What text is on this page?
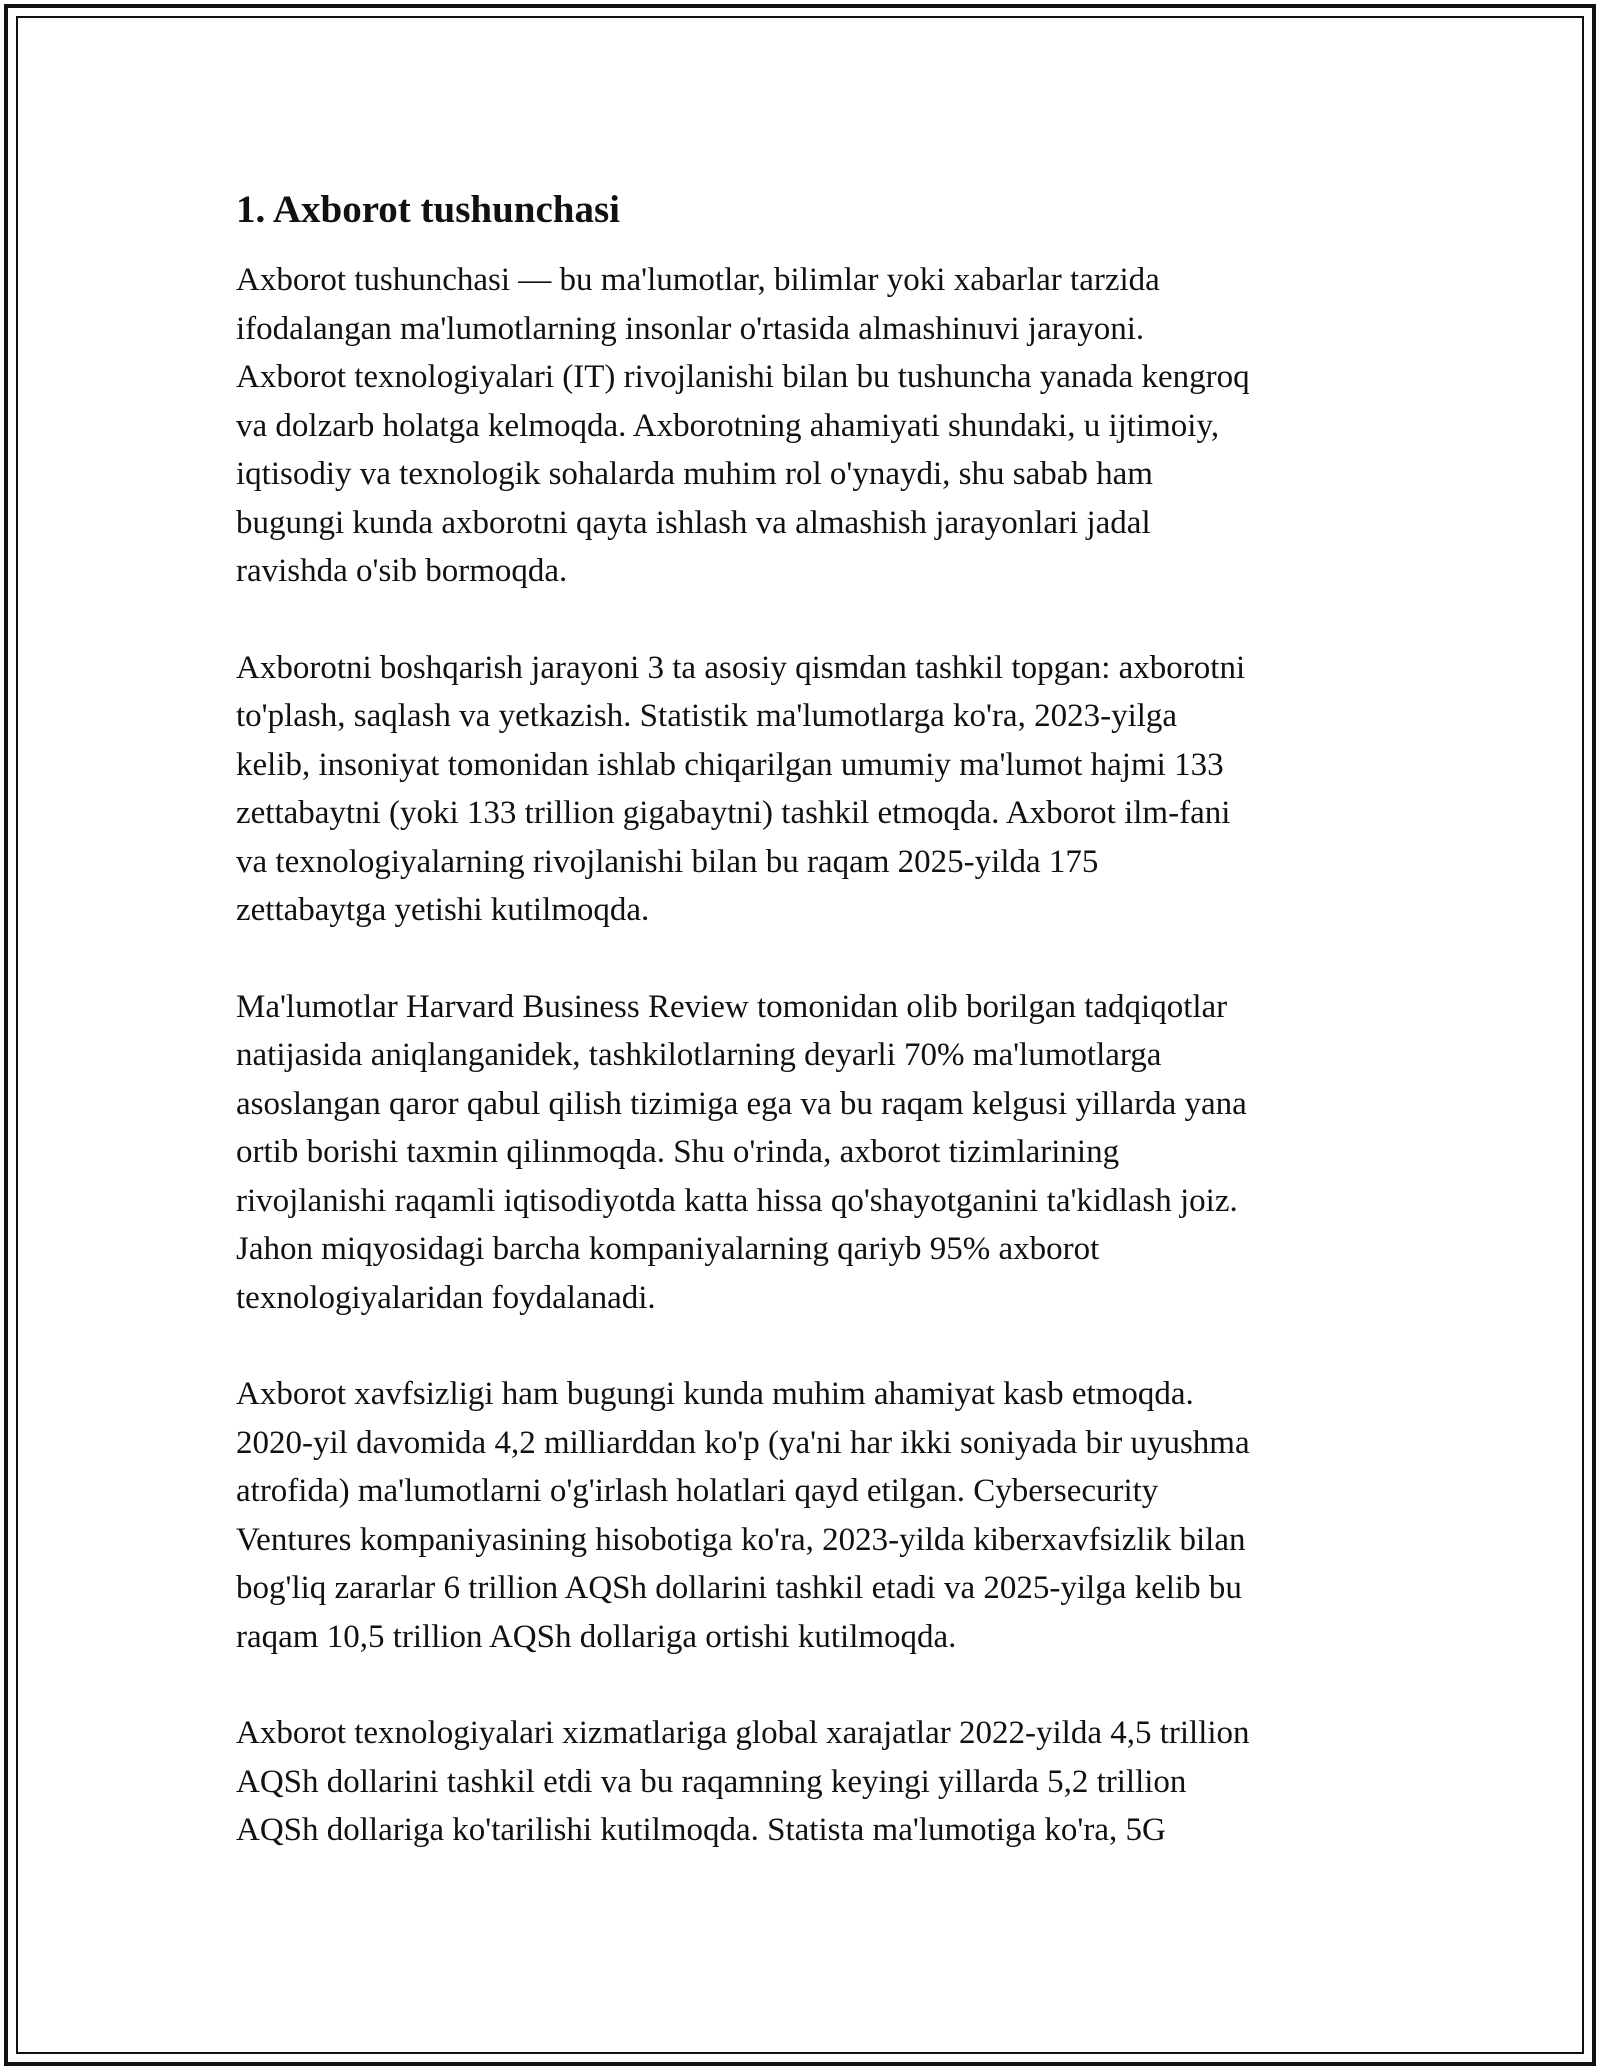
1. Axborot tushunchasi

Axborot tushunchasi — bu ma'lumotlar, bilimlar yoki xabarlar tarzida
ifodalangan ma'lumotlarning insonlar o'rtasida almashinuvi jarayoni.
Axborot texnologiyalari (IT) rivojlanishi bilan bu tushuncha yanada kengroq
va dolzarb holatga kelmoqda. Axborotning ahamiyati shundaki, u ijtimoiy,
iqtisodiy va texnologik sohalarda muhim rol o'ynaydi, shu sabab ham
bugungi kunda axborotni qayta ishlash va almashish jarayonlari jadal
ravishda o'sib bormoqda.

Axborotni boshqarish jarayoni 3 ta asosiy qismdan tashkil topgan: axborotni
to'plash, saqlash va yetkazish. Statistik ma'lumotlarga ko'ra, 2023-yilga
kelib, insoniyat tomonidan ishlab chiqarilgan umumiy ma'lumot hajmi 133
zettabaytni (yoki 133 trillion gigabaytni) tashkil etmoqda. Axborot ilm-fani
va texnologiyalarning rivojlanishi bilan bu raqam 2025-yilda 175
zettabaytga yetishi kutilmoqda.

Ma'lumotlar Harvard Business Review tomonidan olib borilgan tadqiqotlar
natijasida aniqlanganidek, tashkilotlarning deyarli 70% ma'lumotlarga
asoslangan qaror qabul qilish tizimiga ega va bu raqam kelgusi yillarda yana
ortib borishi taxmin qilinmoqda. Shu o'rinda, axborot tizimlarining
rivojlanishi raqamli iqtisodiyotda katta hissa qo'shayotganini ta'kidlash joiz.
Jahon miqyosidagi barcha kompaniyalarning qariyb 95% axborot
texnologiyalaridan foydalanadi.

Axborot xavfsizligi ham bugungi kunda muhim ahamiyat kasb etmoqda.
2020-yil davomida 4,2 milliarddan ko'p (ya'ni har ikki soniyada bir uyushma
atrofida) ma'lumotlarni o'g'irlash holatlari qayd etilgan. Cybersecurity
Ventures kompaniyasining hisobotiga ko'ra, 2023-yilda kiberxavfsizlik bilan
bog'liq zararlar 6 trillion AQSh dollarini tashkil etadi va 2025-yilga kelib bu
raqam 10,5 trillion AQSh dollariga ortishi kutilmoqda.

Axborot texnologiyalari xizmatlariga global xarajatlar 2022-yilda 4,5 trillion
AQSh dollarini tashkil etdi va bu raqamning keyingi yillarda 5,2 trillion
AQSh dollariga ko'tarilishi kutilmoqda. Statista ma'lumotiga ko'ra, 5G
